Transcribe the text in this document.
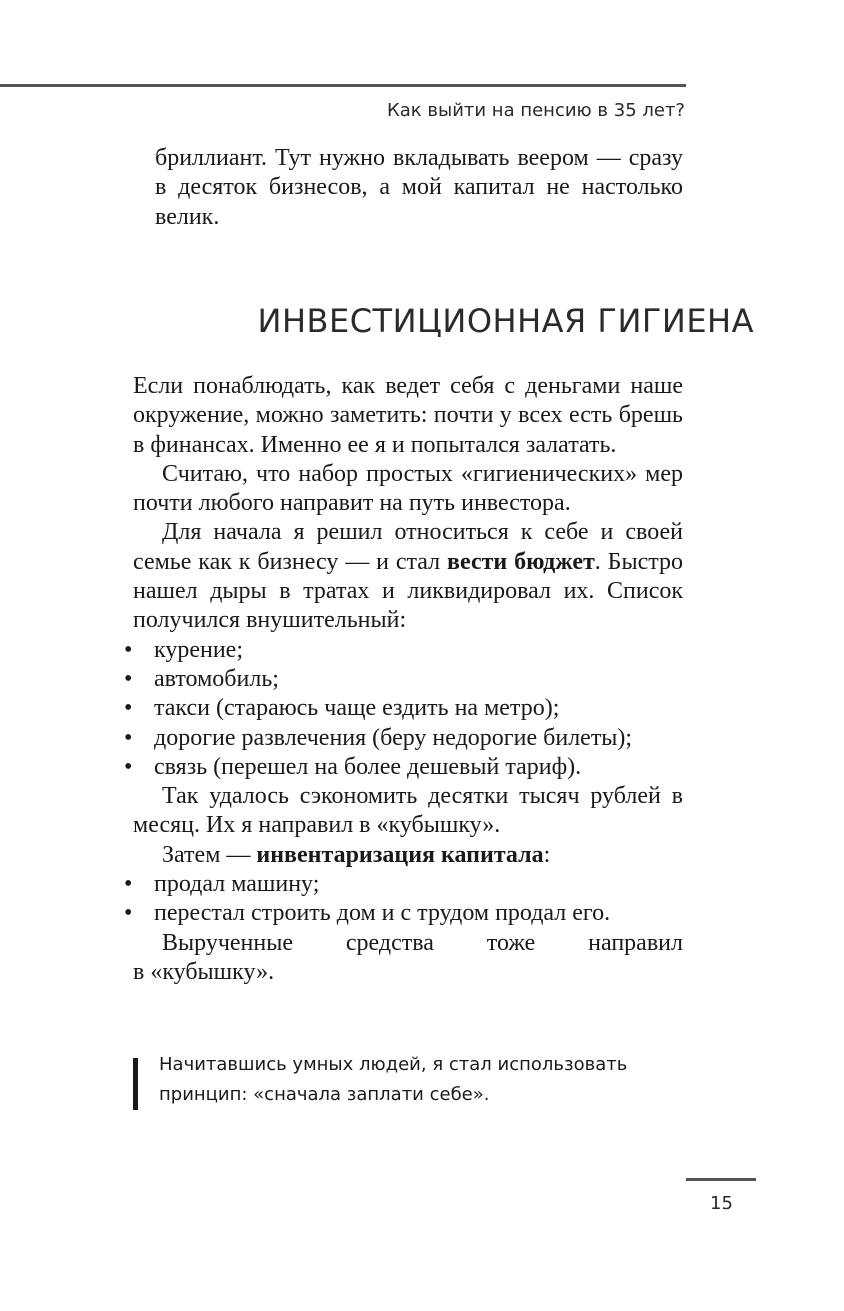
Как выйти на пенсию в 35 лет?

бриллиант. Тут нужно вкладывать веером — сразу в десяток бизнесов, а мой капитал не настолько велик.

ИНВЕСТИЦИОННАЯ ГИГИЕНА

Если понаблюдать, как ведет себя с деньгами наше окружение, можно заметить: почти у всех есть брешь в финансах. Именно ее я и попытался залатать.

Считаю, что набор простых «гигиенических» мер почти любого направит на путь инвестора.

Для начала я решил относиться к себе и своей семье как к бизнесу — и стал вести бюджет. Быстро нашел дыры в тратах и ликвидировал их. Список получился внушительный:

• курение;
• автомобиль;
• такси (стараюсь чаще ездить на метро);
• дорогие развлечения (беру недорогие билеты);
• связь (перешел на более дешевый тариф).

Так удалось сэкономить десятки тысяч рублей в месяц. Их я направил в «кубышку».

Затем — инвентаризация капитала:

• продал машину;
• перестал строить дом и с трудом продал его.

Вырученные средства тоже направил

в «кубышку».

Начитавшись умных людей, я стал использовать
принцип: «сначала заплати себе».

15
